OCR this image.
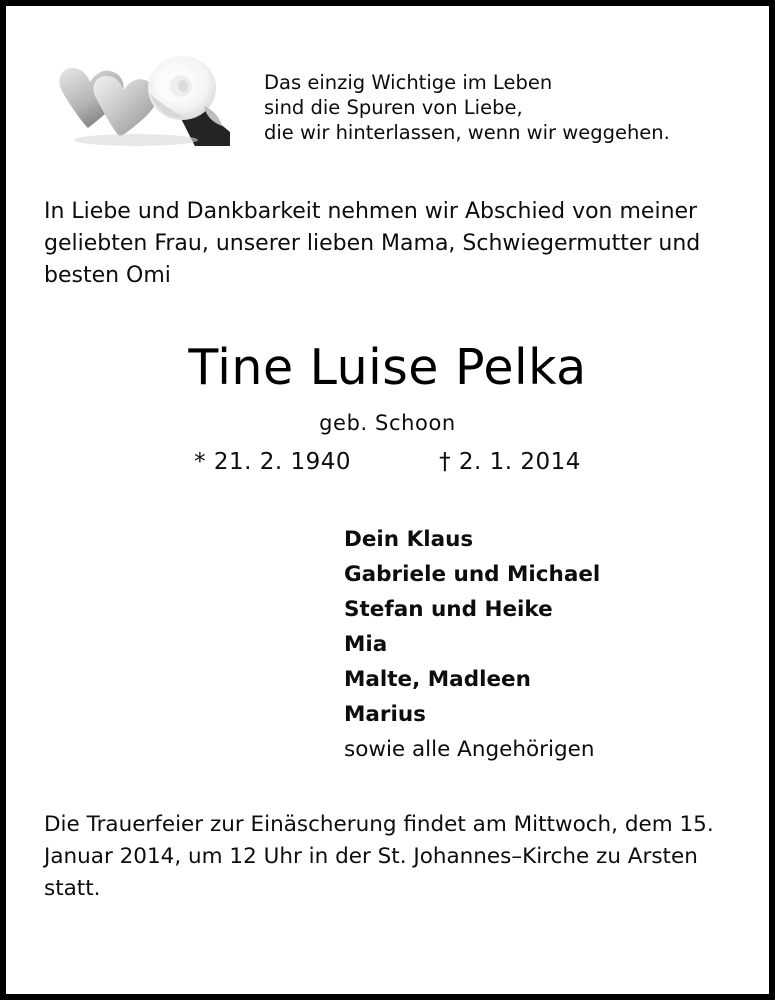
Das einzig Wichtige im Leben
sind die Spuren von Liebe,
die wir hinterlassen, wenn wir weggehen.
In Liebe und Dankbarkeit nehmen wir Abschied von meiner geliebten Frau, unserer lieben Mama, Schwiegermutter und besten Omi
Tine Luise Pelka
geb. Schoon
* 21. 2. 1940	† 2. 1. 2014
Dein Klaus
Gabriele und Michael
Stefan und Heike
Mia
Malte, Madleen
Marius
sowie alle Angehörigen
Die Trauerfeier zur Einäscherung findet am Mittwoch, dem 15. Januar 2014, um 12 Uhr in der St. Johannes–Kirche zu Arsten statt.
